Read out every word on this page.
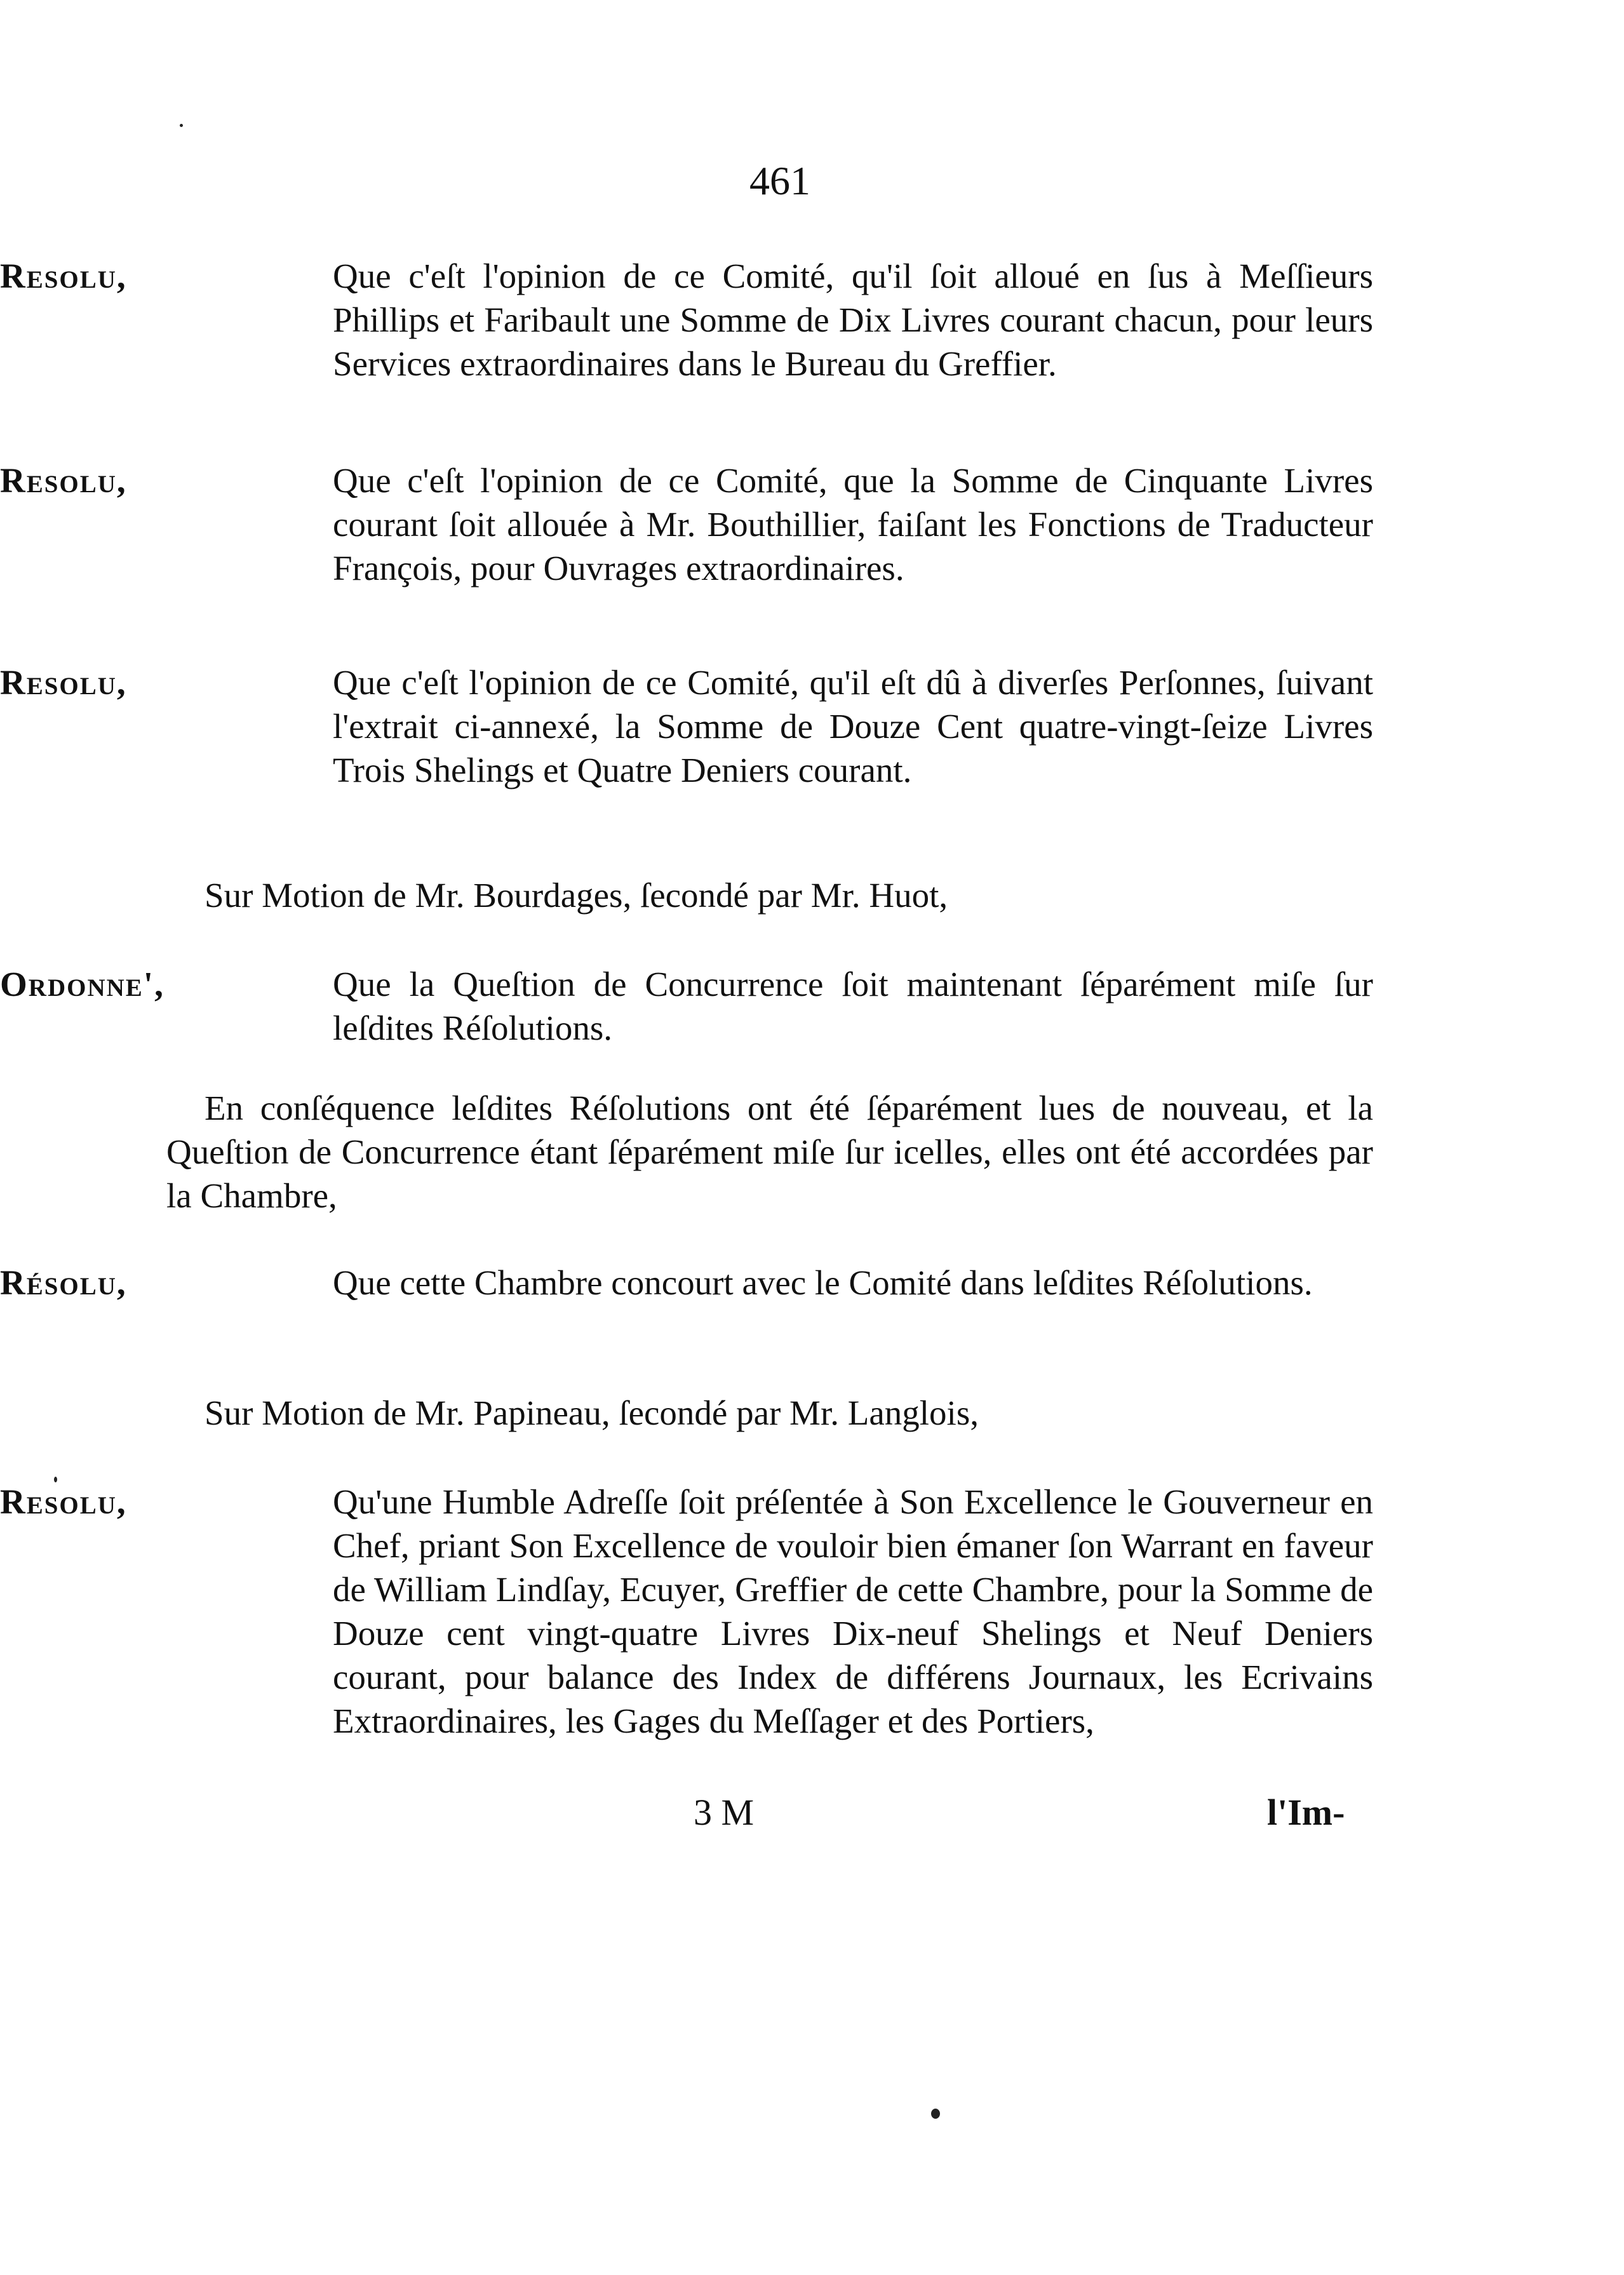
461
Resolu,	Que c'eſt l'opinion de ce Comité, qu'il ſoit alloué en ſus à Meſſieurs Phillips et Faribault une Somme de Dix Livres courant chacun, pour leurs Services extraordinaires dans le Bureau du Greffier.
Resolu,	Que c'eſt l'opinion de ce Comité, que la Somme de Cinquante Livres courant ſoit allouée à Mr. Bouthillier, faiſant les Fonctions de Traducteur François, pour Ouvrages extraordinaires.
Resolu,	Que c'eſt l'opinion de ce Comité, qu'il eſt dû à diverſes Perſonnes, ſuivant l'extrait ci-annexé, la Somme de Douze Cent quatre-vingt-ſeize Livres Trois Shelings et Quatre Deniers courant.
Sur Motion de Mr. Bourdages, ſecondé par Mr. Huot,
Ordonne',	Que la Queſtion de Concurrence ſoit maintenant ſéparément miſe ſur leſdites Réſolutions.
En conſéquence leſdites Réſolutions ont été ſéparément lues de nouveau, et la Queſtion de Concurrence étant ſéparément miſe ſur icelles, elles ont été accordées par la Chambre,
Résolu,	Que cette Chambre concourt avec le Comité dans leſdites Réſolutions.
Sur Motion de Mr. Papineau, ſecondé par Mr. Langlois,
Resolu,	Qu'une Humble Adreſſe ſoit préſentée à Son Excellence le Gouverneur en Chef, priant Son Excellence de vouloir bien émaner ſon Warrant en faveur de William Lindſay, Ecuyer, Greffier de cette Chambre, pour la Somme de Douze cent vingt-quatre Livres Dix-neuf Shelings et Neuf Deniers courant, pour balance des Index de différens Journaux, les Ecrivains Extraordinaires, les Gages du Meſſager et des Portiers,
3 M	l'Im-
